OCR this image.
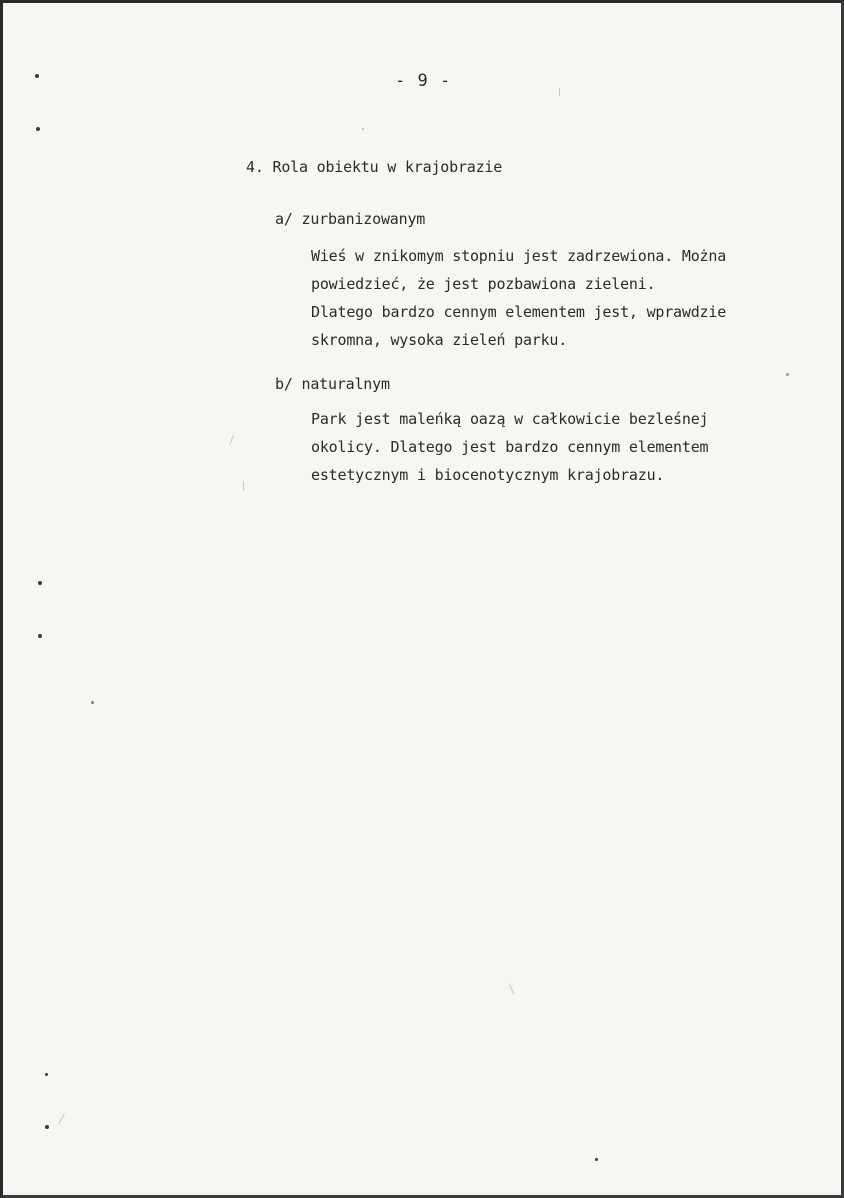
- 9 -
4. Rola obiektu w krajobrazie
a/ zurbanizowanym

Wieś w znikomym stopniu jest zadrzewiona. Można
powiedzieć, że jest pozbawiona zieleni.
Dlatego bardzo cennym elementem jest, wprawdzie
skromna, wysoka zieleń parku.

b/ naturalnym

Park jest maleńką oazą w całkowicie bezleśnej
okolicy. Dlatego jest bardzo cennym elementem
estetycznym i biocenotycznym krajobrazu.
